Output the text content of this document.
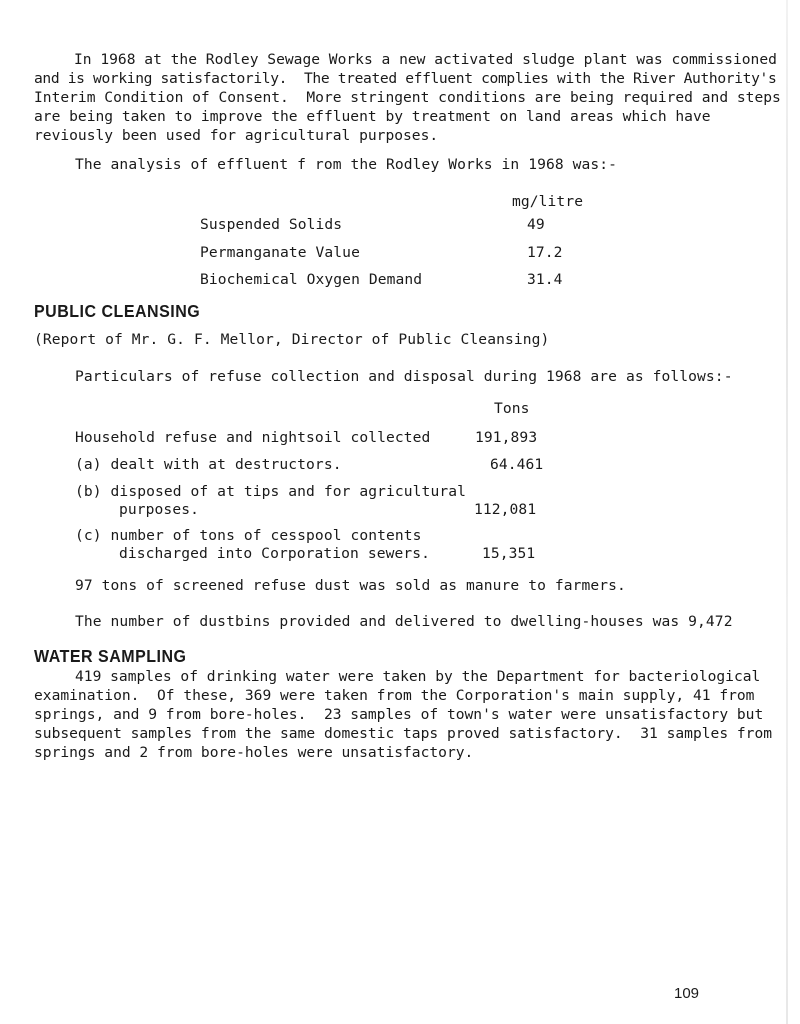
In 1968 at the Rodley Sewage Works a new activated sludge plant was commissioned
and is working satisfactorily.  The treated effluent complies with the River Authority's
Interim Condition of Consent.  More stringent conditions are being required and steps
are being taken to improve the effluent by treatment on land areas which have
reviously been used for agricultural purposes.
The analysis of effluent f rom the Rodley Works in 1968 was:-
mg/litre
Suspended Solids	49
Permanganate Value	17.2
Biochemical Oxygen Demand	31.4
PUBLIC CLEANSING
(Report of Mr. G. F. Mellor, Director of Public Cleansing)
Particulars of refuse collection and disposal during 1968 are as follows:-
Tons
Household refuse and nightsoil collected	191,893
(a) dealt with at destructors.	64.461
(b) disposed of at tips and for agricultural
purposes.	112,081
(c) number of tons of cesspool contents
discharged into Corporation sewers.	15,351
97 tons of screened refuse dust was sold as manure to farmers.
The number of dustbins provided and delivered to dwelling-houses was 9,472
WATER SAMPLING
419 samples of drinking water were taken by the Department for bacteriological
examination.  Of these, 369 were taken from the Corporation's main supply, 41 from
springs, and 9 from bore-holes.  23 samples of town's water were unsatisfactory but
subsequent samples from the same domestic taps proved satisfactory.  31 samples from
springs and 2 from bore-holes were unsatisfactory.
109
